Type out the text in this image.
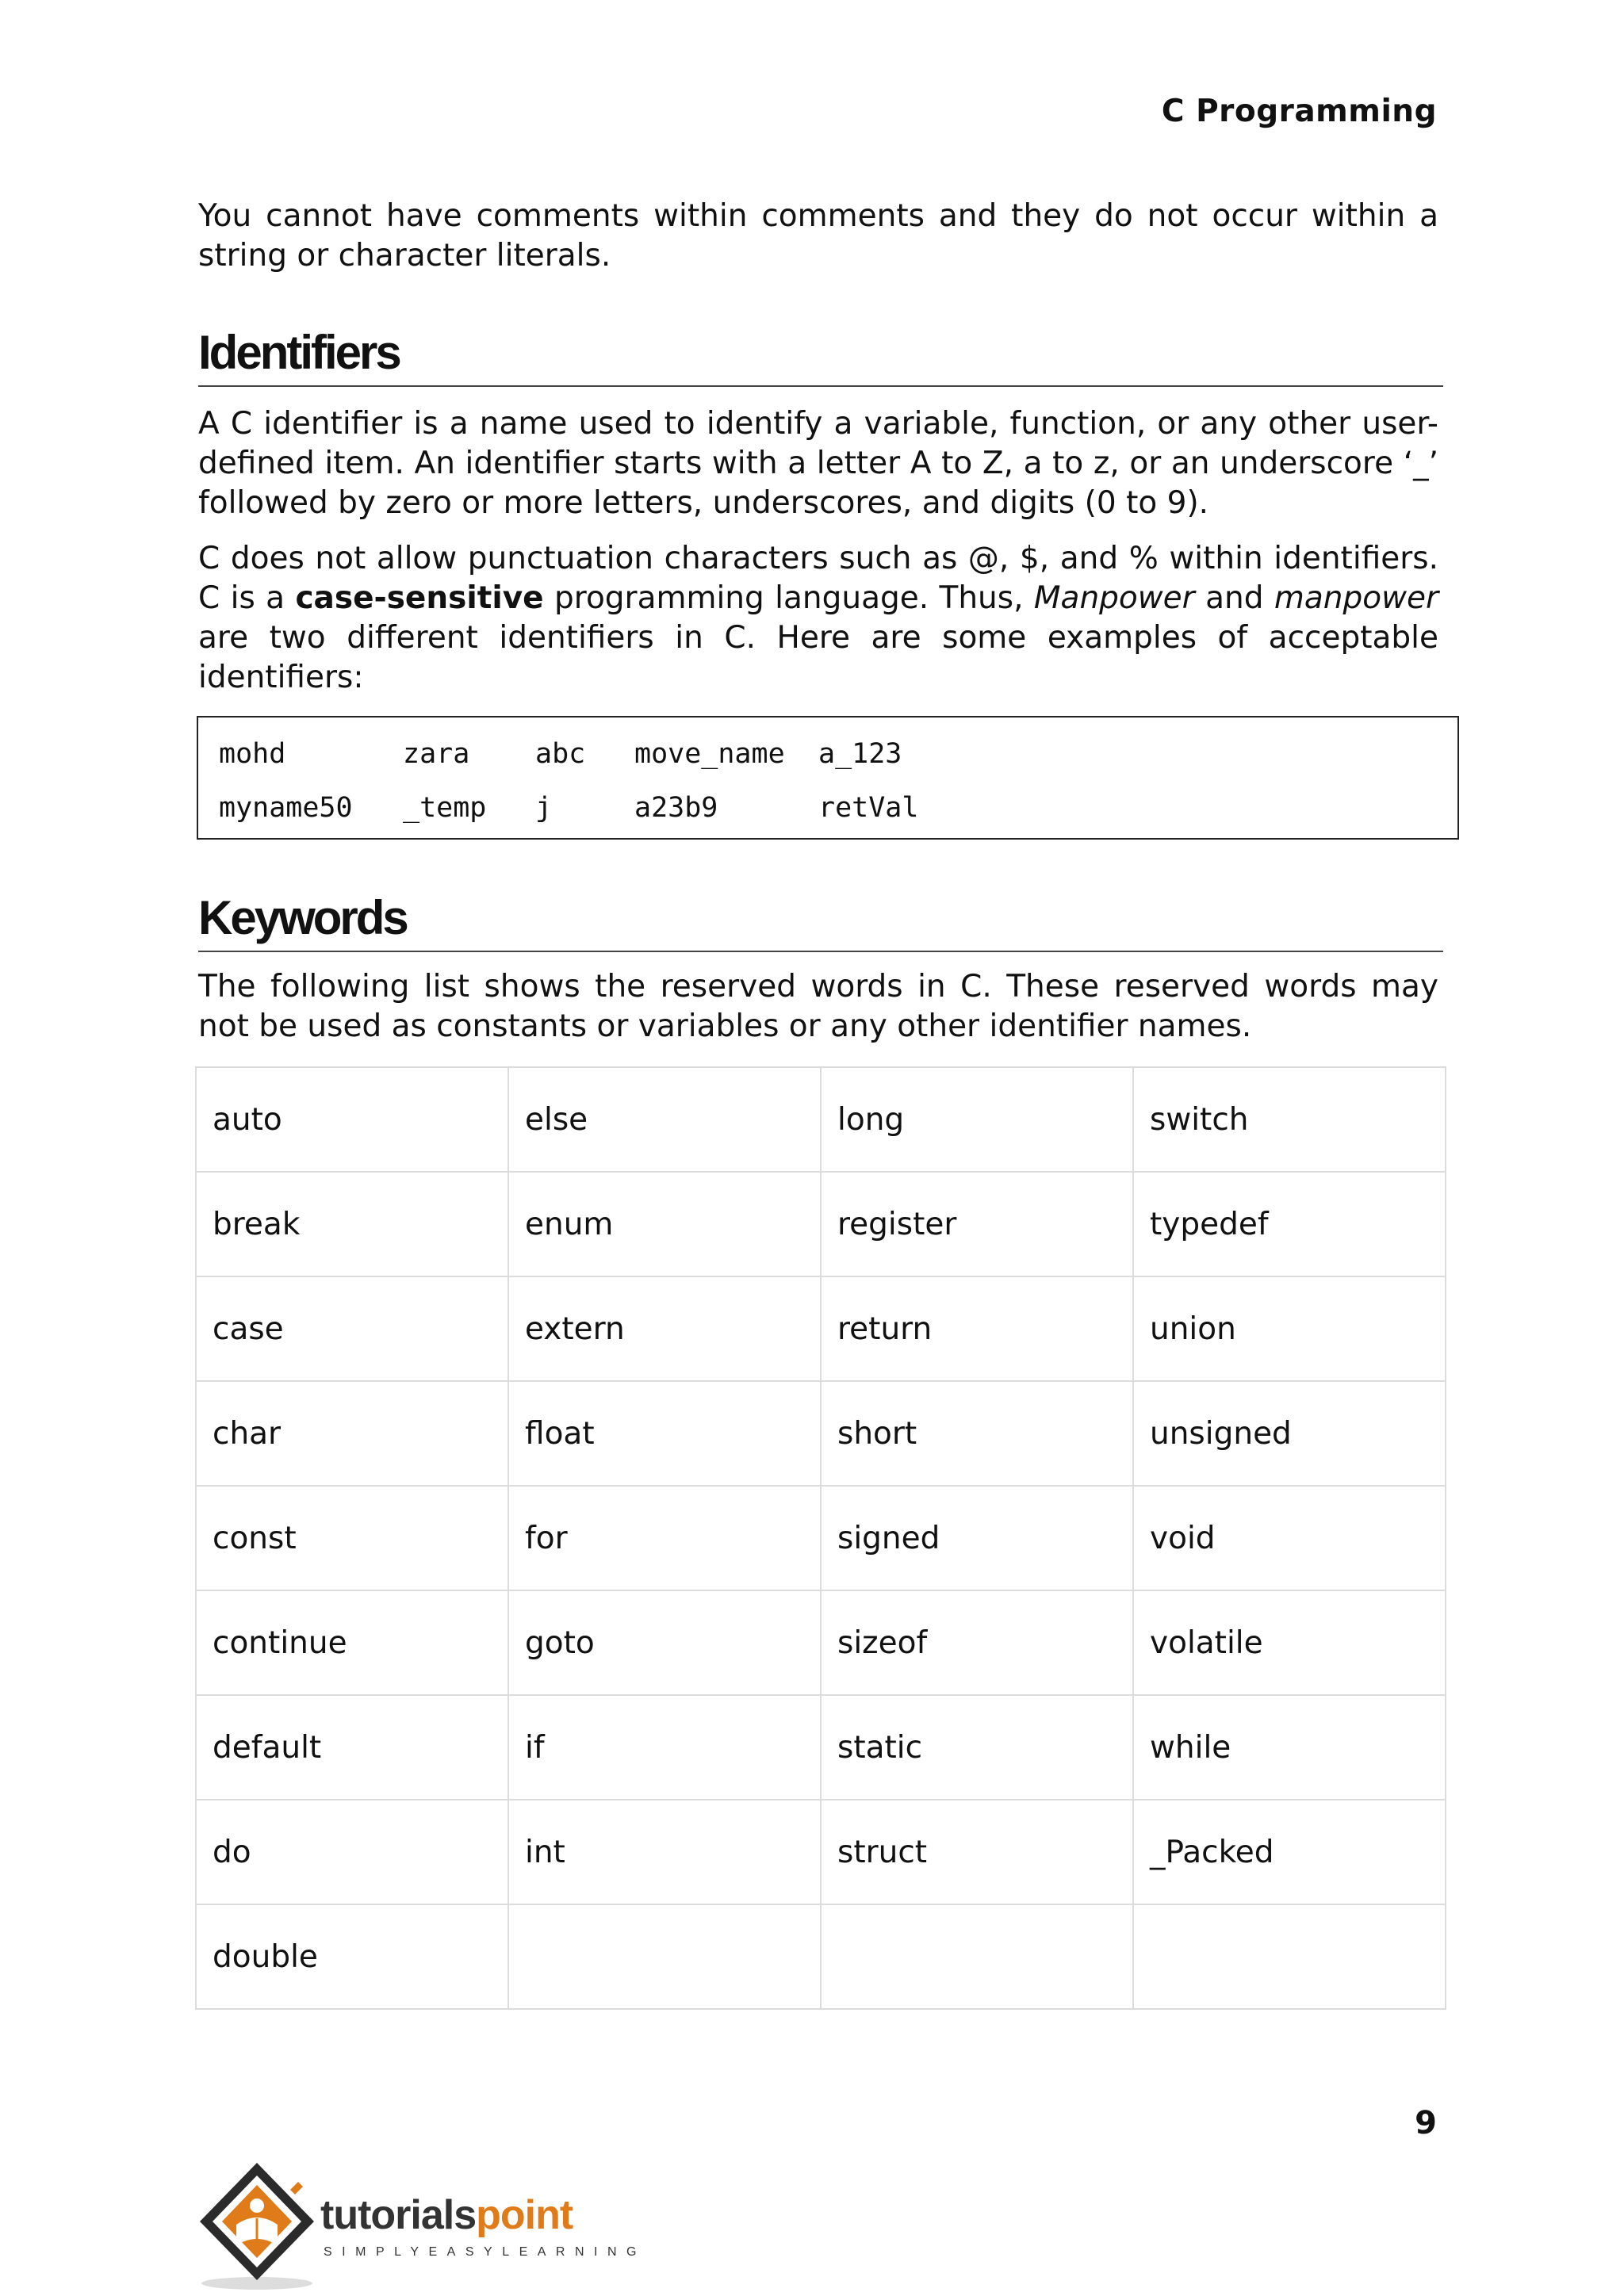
C Programming

You cannot have comments within comments and they do not occur within a string or character literals.

Identifiers

A C identifier is a name used to identify a variable, function, or any other user-defined item. An identifier starts with a letter A to Z, a to z, or an underscore ‘_’ followed by zero or more letters, underscores, and digits (0 to 9).

C does not allow punctuation characters such as @, $, and % within identifiers. C is a case-sensitive programming language. Thus, Manpower and manpower are two different identifiers in C. Here are some examples of acceptable identifiers:

mohd	zara abc move_name a_123
myname50 _temp j	a23b9	retVal
Keywords

The following list shows the reserved words in C. These reserved words may not be used as constants or variables or any other identifier names.

auto	else	long	switch
break	enum	register	typedef
case	extern	return	union
char	float	short	unsigned
const	for	signed	void
continue	goto	sizeof	volatile
default	if	static	while
do	int	struct	_Packed
double			
9
tutorialspoint
SIMPLYEASYLEARNING
